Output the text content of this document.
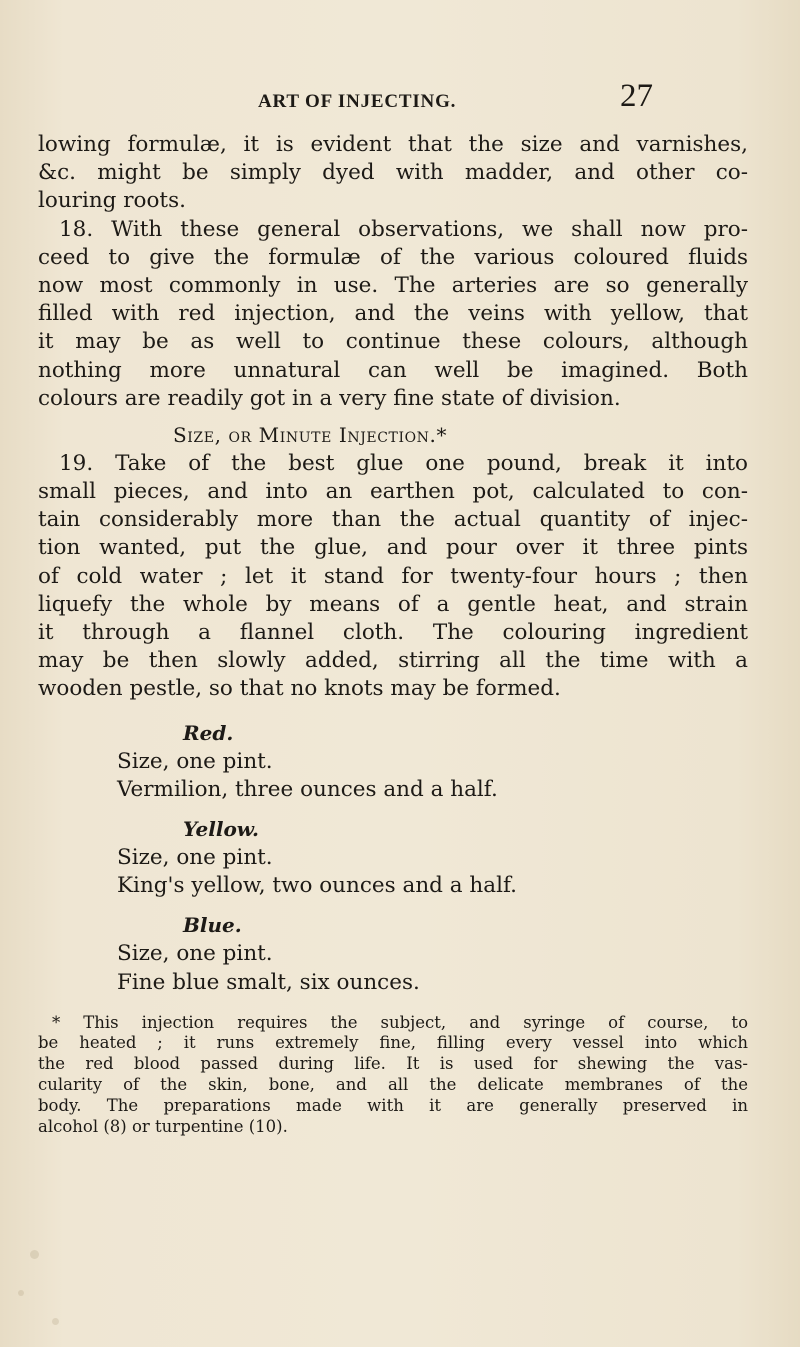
ART OF INJECTING.	27
lowing formulæ, it is evident that the size and varnishes,
&c. might be simply dyed with madder, and other co-
louring roots.
18. With these general observations, we shall now pro-
ceed to give the formulæ of the various coloured fluids
now most commonly in use. The arteries are so generally
filled with red injection, and the veins with yellow, that
it may be as well to continue these colours, although
nothing more unnatural can well be imagined. Both
colours are readily got in a very fine state of division.
Size, or Minute Injection.*
19. Take of the best glue one pound, break it into
small pieces, and into an earthen pot, calculated to con-
tain considerably more than the actual quantity of injec-
tion wanted, put the glue, and pour over it three pints
of cold water ; let it stand for twenty-four hours ; then
liquefy the whole by means of a gentle heat, and strain
it through a flannel cloth. The colouring ingredient
may be then slowly added, stirring all the time with a
wooden pestle, so that no knots may be formed.
Red.
Size, one pint.
Vermilion, three ounces and a half.
Yellow.
Size, one pint.
King's yellow, two ounces and a half.
Blue.
Size, one pint.
Fine blue smalt, six ounces.
* This injection requires the subject, and syringe of course, to
be heated ; it runs extremely fine, filling every vessel into which
the red blood passed during life. It is used for shewing the vas-
cularity of the skin, bone, and all the delicate membranes of the
body. The preparations made with it are generally preserved in
alcohol (8) or turpentine (10).
